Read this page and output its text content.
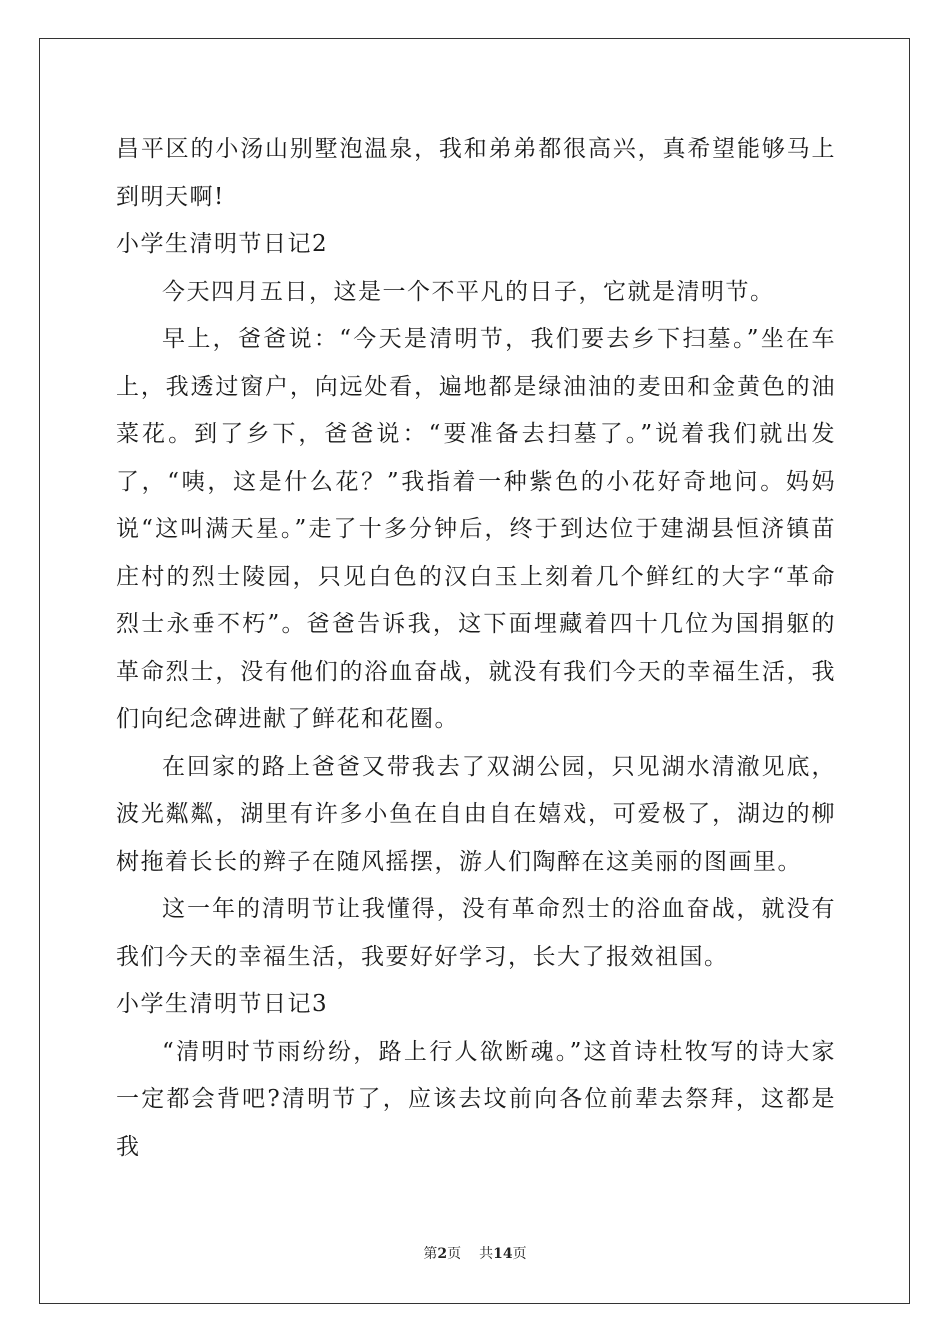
昌平区的小汤山别墅泡温泉，我和弟弟都很高兴，真希望能够马上到明天啊!

小学生清明节日记2

今天四月五日，这是一个不平凡的日子，它就是清明节。

早上，爸爸说：“今天是清明节，我们要去乡下扫墓。”坐在车上，我透过窗户，向远处看，遍地都是绿油油的麦田和金黄色的油菜花。到了乡下，爸爸说：“要准备去扫墓了。”说着我们就出发了，“咦，这是什么花？”我指着一种紫色的小花好奇地问。妈妈说“这叫满天星。”走了十多分钟后，终于到达位于建湖县恒济镇苗庄村的烈士陵园，只见白色的汉白玉上刻着几个鲜红的大字“革命烈士永垂不朽”。爸爸告诉我，这下面埋藏着四十几位为国捐躯的革命烈士，没有他们的浴血奋战，就没有我们今天的幸福生活，我们向纪念碑进献了鲜花和花圈。

在回家的路上爸爸又带我去了双湖公园，只见湖水清澈见底，波光粼粼，湖里有许多小鱼在自由自在嬉戏，可爱极了，湖边的柳树拖着长长的辫子在随风摇摆，游人们陶醉在这美丽的图画里。

这一年的清明节让我懂得，没有革命烈士的浴血奋战，就没有我们今天的幸福生活，我要好好学习，长大了报效祖国。

小学生清明节日记3

“清明时节雨纷纷，路上行人欲断魂。”这首诗杜牧写的诗大家一定都会背吧?清明节了，应该去坟前向各位前辈去祭拜，这都是我

第2页 共14页
